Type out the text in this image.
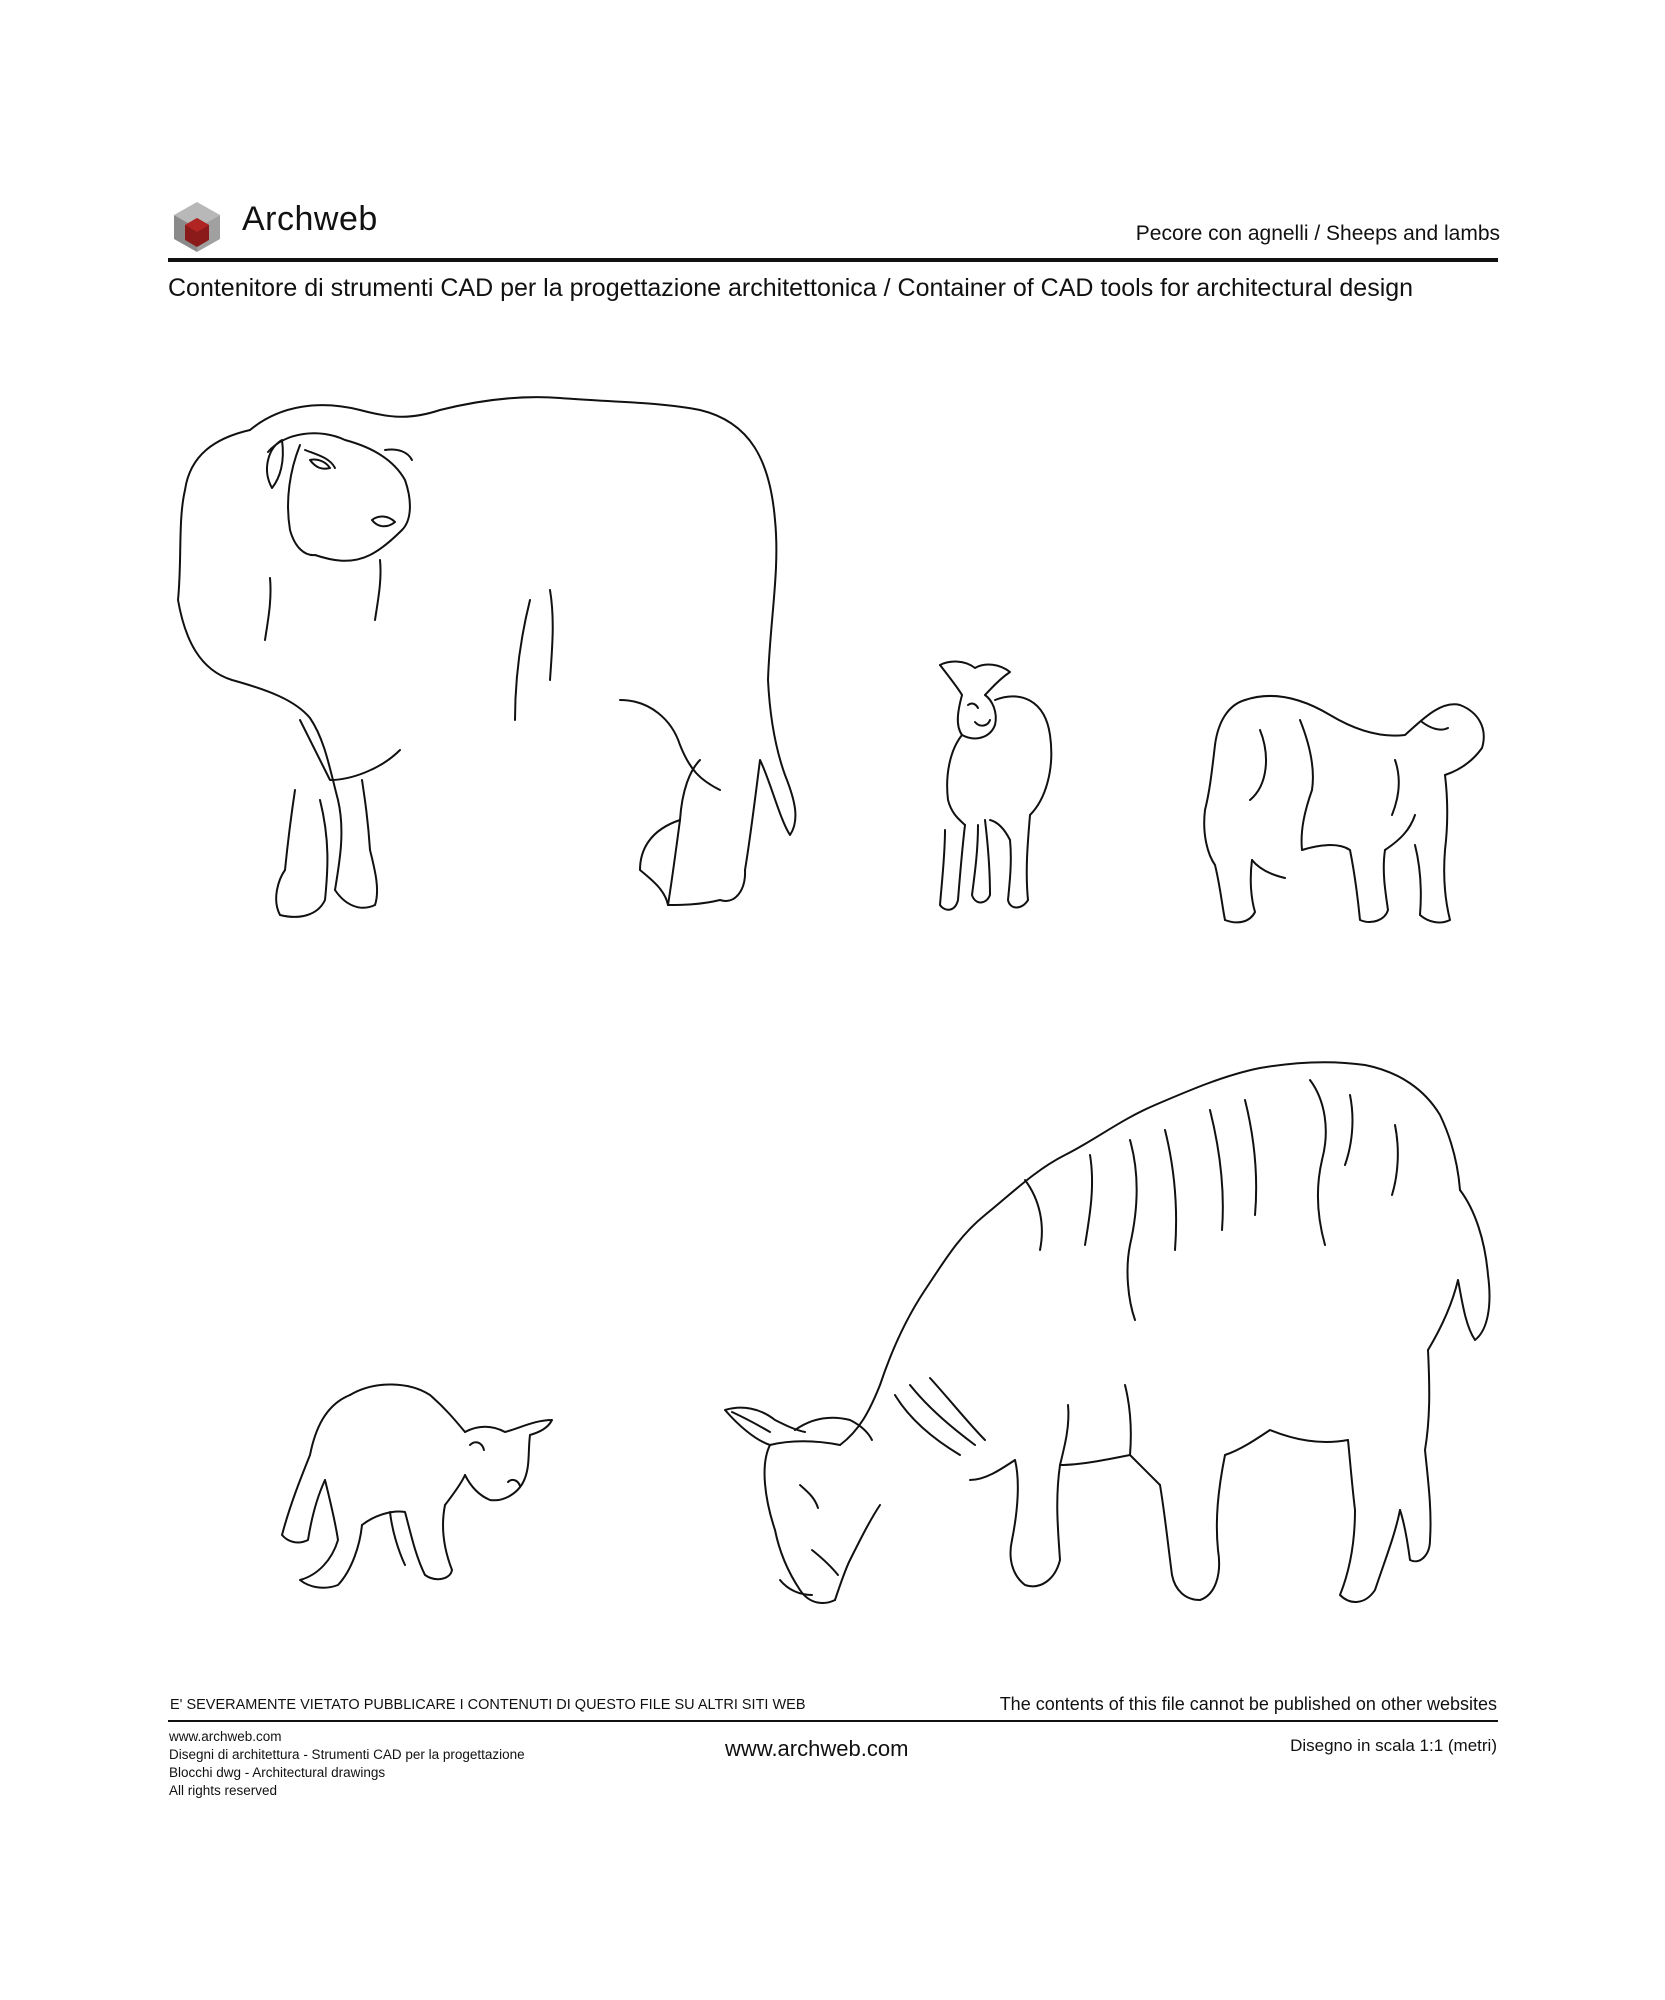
Archweb	Pecore con agnelli / Sheeps and lambs
Contenitore di strumenti CAD per la progettazione architettonica / Container of CAD tools for architectural design
E' SEVERAMENTE VIETATO PUBBLICARE I CONTENUTI DI QUESTO FILE SU ALTRI SITI WEB	The contents of this file cannot be published on other websites
www.archweb.com
Disegni di architettura - Strumenti CAD per la progettazione
Blocchi dwg - Architectural drawings
All rights reserved
www.archweb.com	Disegno in scala 1:1 (metri)
